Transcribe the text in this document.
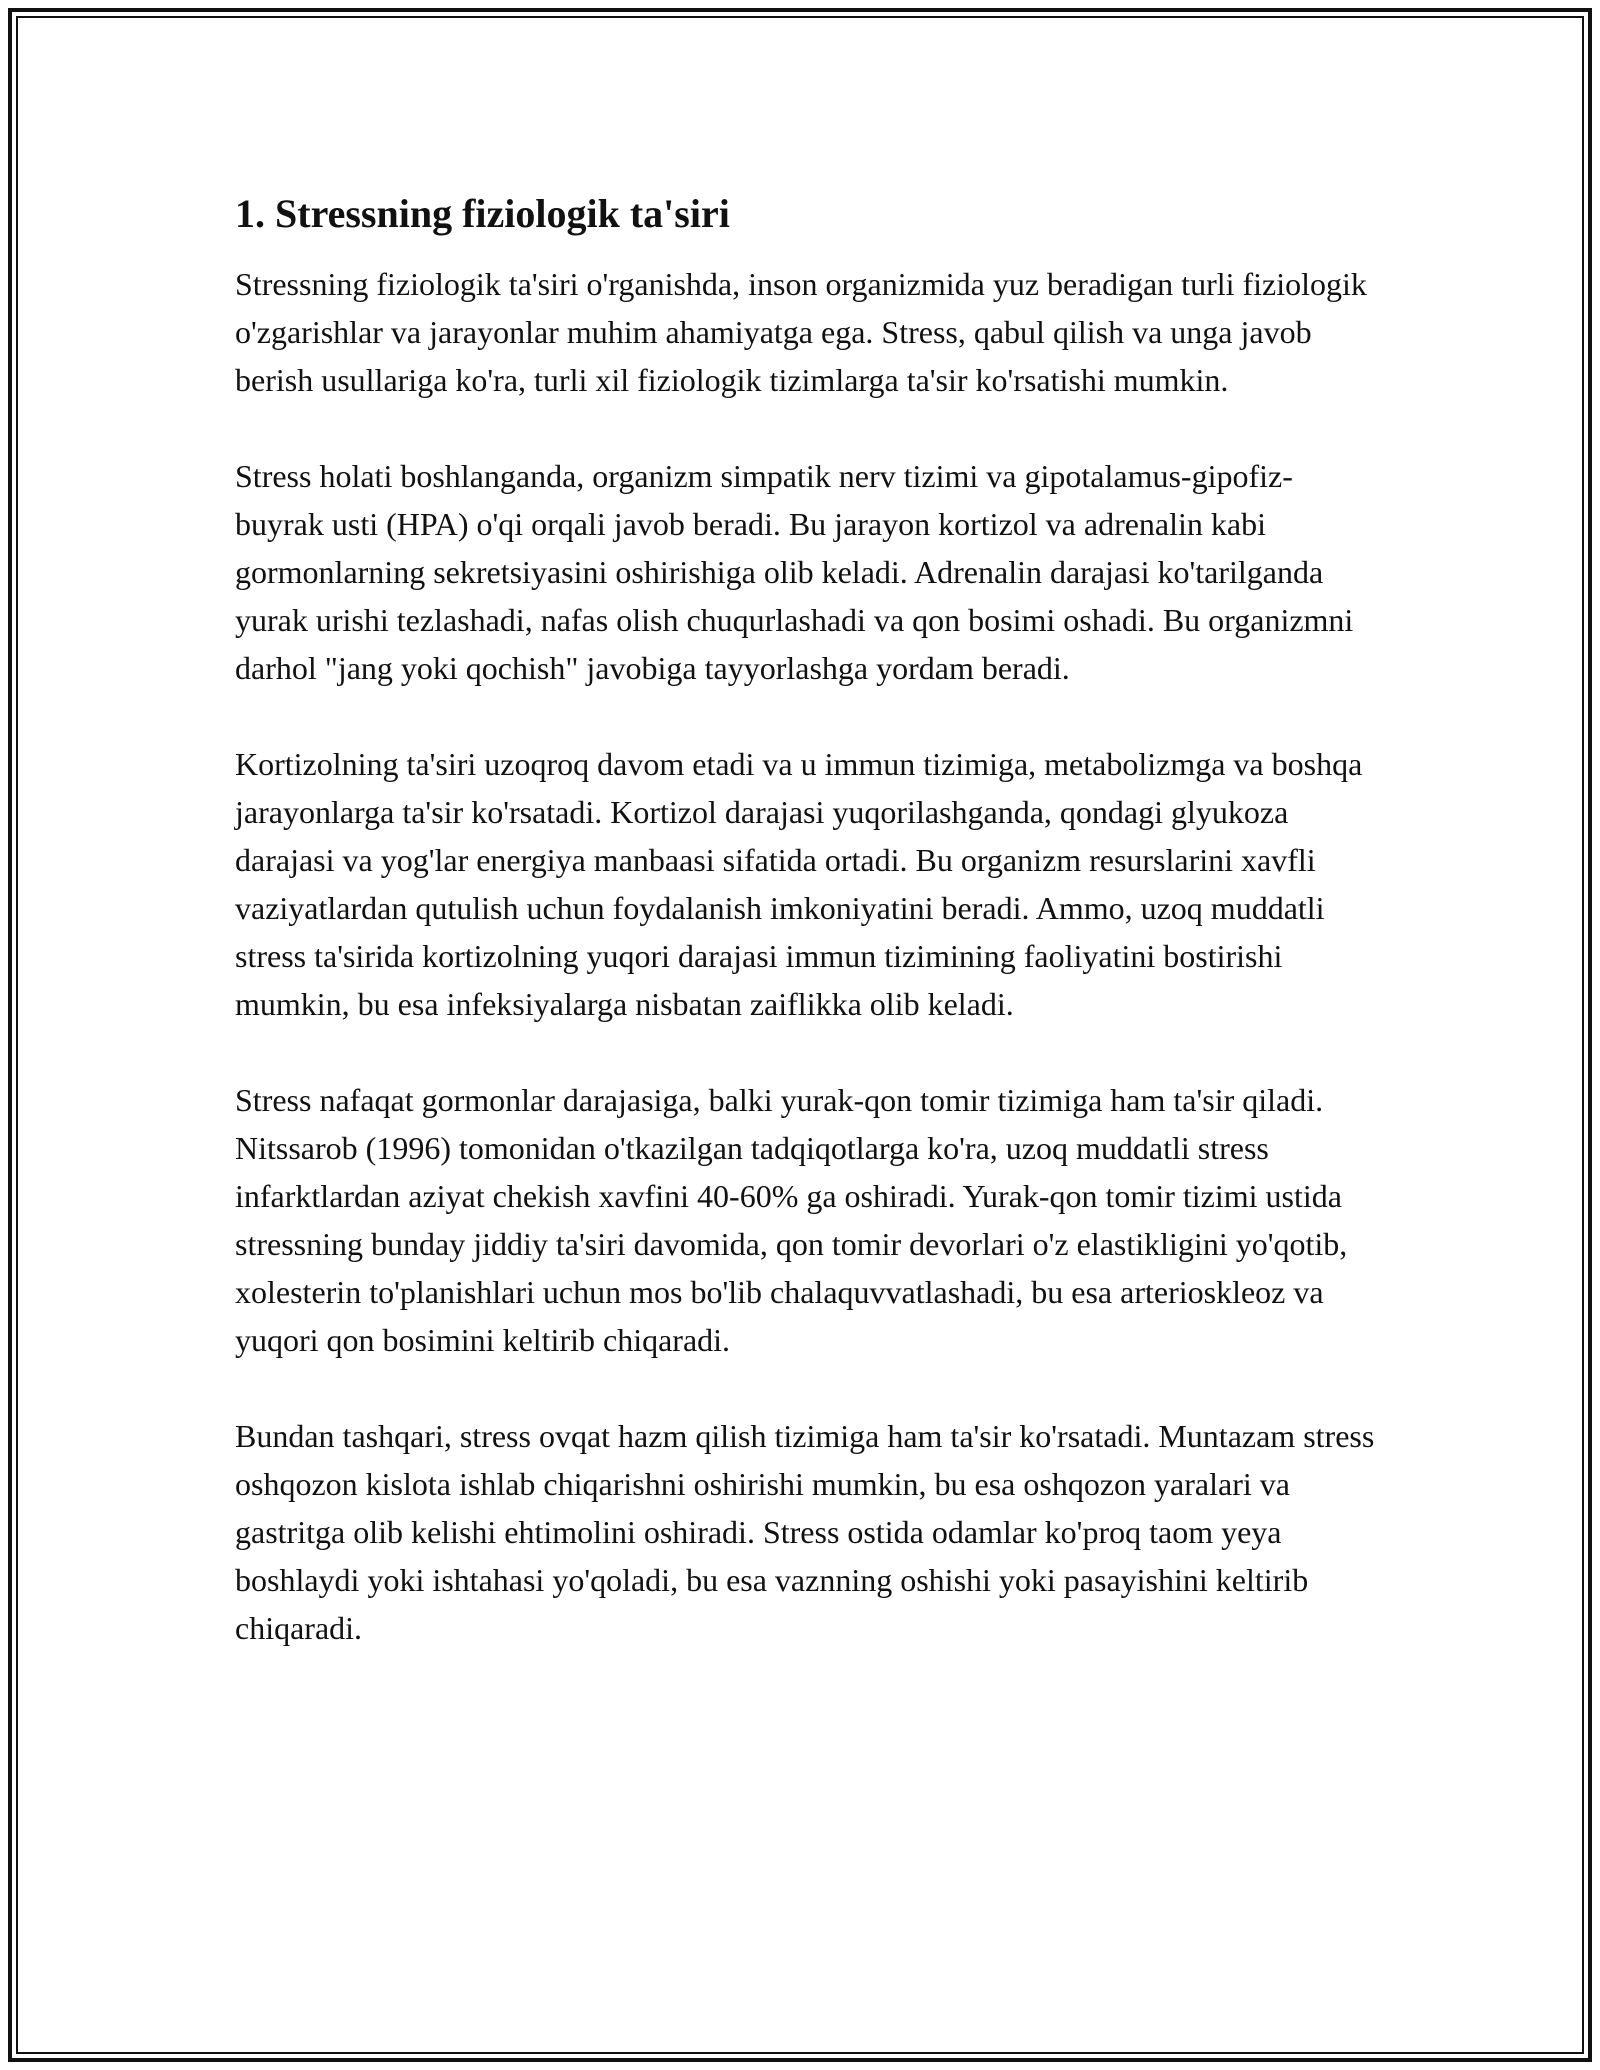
1. Stressning fiziologik ta'siri

Stressning fiziologik ta'siri o'rganishda, inson organizmida yuz beradigan turli fiziologik o'zgarishlar va jarayonlar muhim ahamiyatga ega. Stress, qabul qilish va unga javob berish usullariga ko'ra, turli xil fiziologik tizimlarga ta'sir ko'rsatishi mumkin.

Stress holati boshlanganda, organizm simpatik nerv tizimi va gipotalamus-gipofiz-buyrak usti (HPA) o'qi orqali javob beradi. Bu jarayon kortizol va adrenalin kabi gormonlarning sekretsiyasini oshirishiga olib keladi. Adrenalin darajasi ko'tarilganda yurak urishi tezlashadi, nafas olish chuqurlashadi va qon bosimi oshadi. Bu organizmni darhol "jang yoki qochish" javobiga tayyorlashga yordam beradi.

Kortizolning ta'siri uzoqroq davom etadi va u immun tizimiga, metabolizmga va boshqa jarayonlarga ta'sir ko'rsatadi. Kortizol darajasi yuqorilashganda, qondagi glyukoza darajasi va yog'lar energiya manbaasi sifatida ortadi. Bu organizm resurslarini xavfli vaziyatlardan qutulish uchun foydalanish imkoniyatini beradi. Ammo, uzoq muddatli stress ta'sirida kortizolning yuqori darajasi immun tizimining faoliyatini bostirishi mumkin, bu esa infeksiyalarga nisbatan zaiflikka olib keladi.

Stress nafaqat gormonlar darajasiga, balki yurak-qon tomir tizimiga ham ta'sir qiladi. Nitssarob (1996) tomonidan o'tkazilgan tadqiqotlarga ko'ra, uzoq muddatli stress infarktlardan aziyat chekish xavfini 40-60% ga oshiradi. Yurak-qon tomir tizimi ustida stressning bunday jiddiy ta'siri davomida, qon tomir devorlari o'z elastikligini yo'qotib, xolesterin to'planishlari uchun mos bo'lib chalaquvvatlashadi, bu esa arterioskleoz va yuqori qon bosimini keltirib chiqaradi.

Bundan tashqari, stress ovqat hazm qilish tizimiga ham ta'sir ko'rsatadi. Muntazam stress oshqozon kislota ishlab chiqarishni oshirishi mumkin, bu esa oshqozon yaralari va gastritga olib kelishi ehtimolini oshiradi. Stress ostida odamlar ko'proq taom yeya boshlaydi yoki ishtahasi yo'qoladi, bu esa vaznning oshishi yoki pasayishini keltirib chiqaradi.
